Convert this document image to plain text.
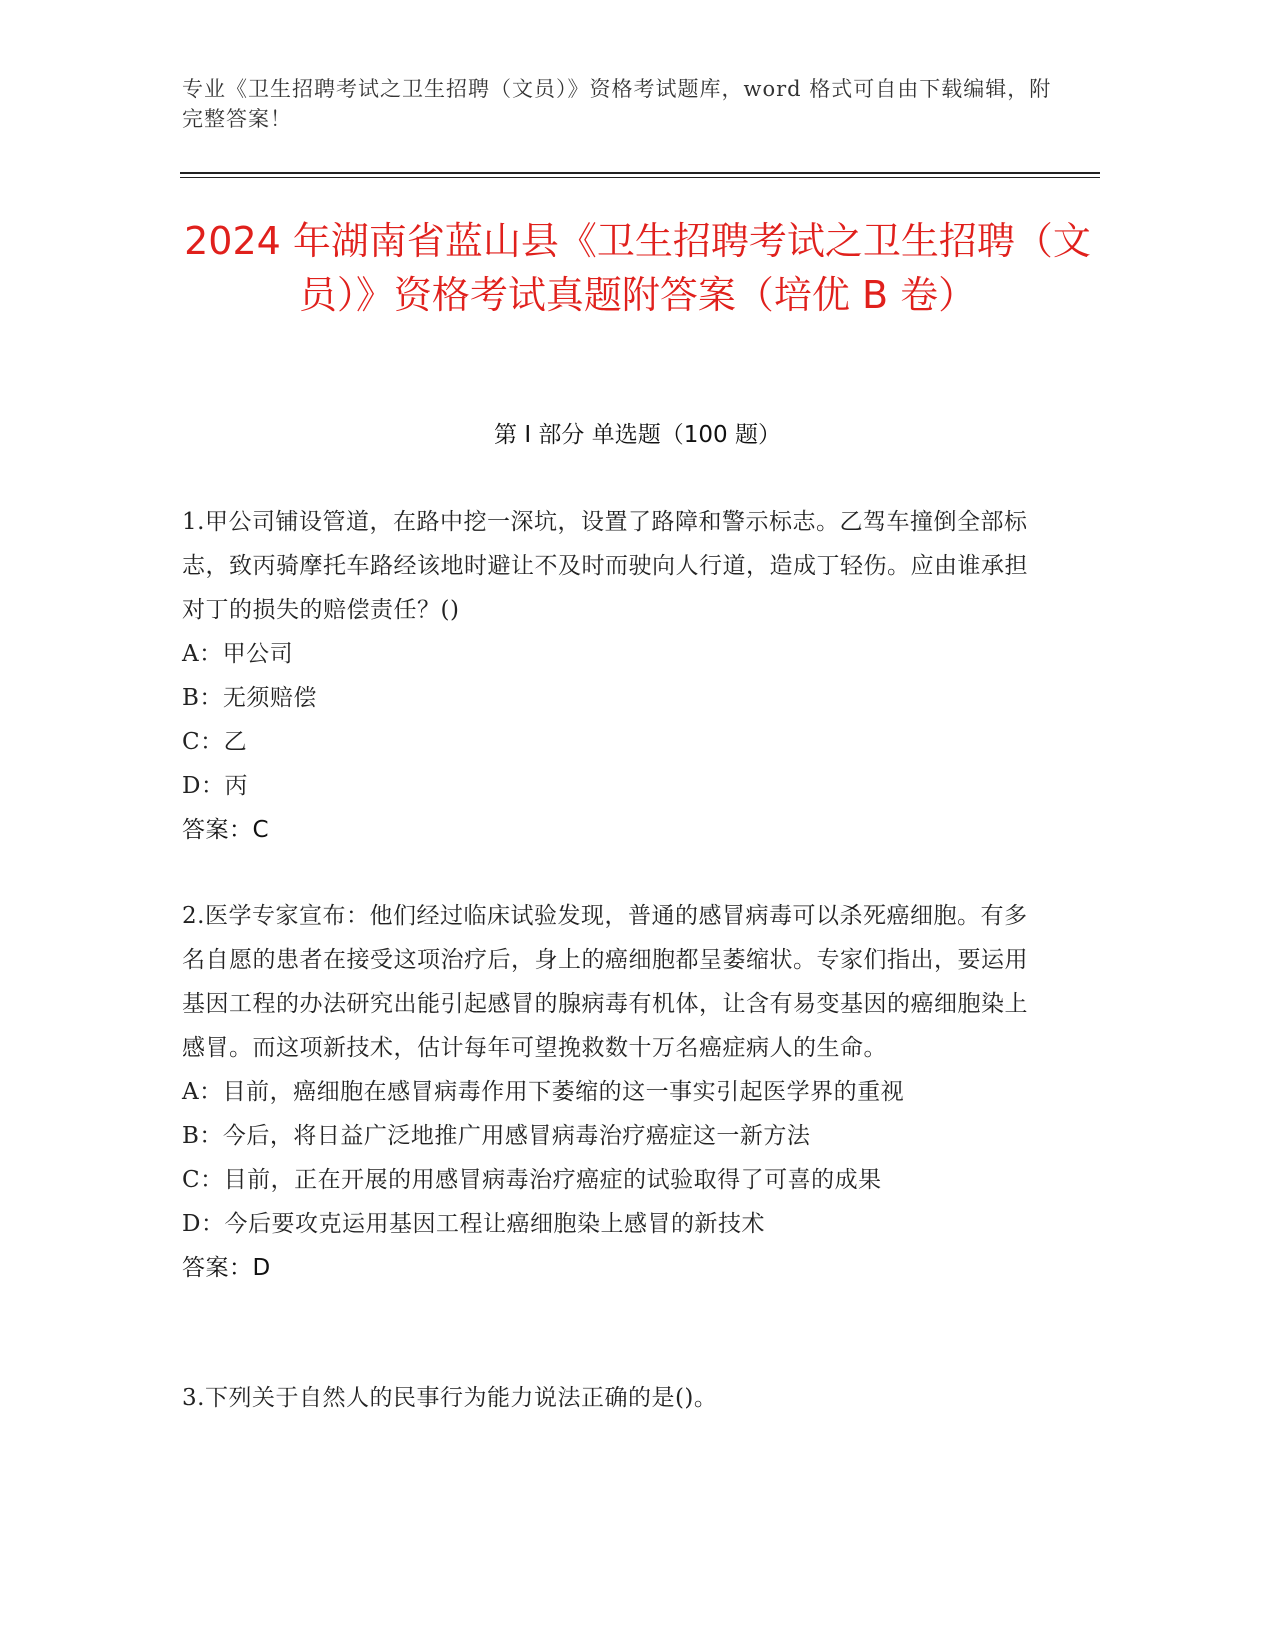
专业《卫生招聘考试之卫生招聘（文员）》资格考试题库，word 格式可自由下载编辑，附完整答案！
2024 年湖南省蓝山县《卫生招聘考试之卫生招聘（文员）》资格考试真题附答案（培优 B 卷）
第 I 部分 单选题（100 题）

1.甲公司铺设管道，在路中挖一深坑，设置了路障和警示标志。乙驾车撞倒全部标志，致丙骑摩托车路经该地时避让不及时而驶向人行道，造成丁轻伤。应由谁承担对丁的损失的赔偿责任？()

A：甲公司

B：无须赔偿

C：乙

D：丙

答案：C

2.医学专家宣布：他们经过临床试验发现，普通的感冒病毒可以杀死癌细胞。有多名自愿的患者在接受这项治疗后，身上的癌细胞都呈萎缩状。专家们指出，要运用基因工程的办法研究出能引起感冒的腺病毒有机体，让含有易变基因的癌细胞染上感冒。而这项新技术，估计每年可望挽救数十万名癌症病人的生命。

A：目前，癌细胞在感冒病毒作用下萎缩的这一事实引起医学界的重视

B：今后，将日益广泛地推广用感冒病毒治疗癌症这一新方法

C：目前，正在开展的用感冒病毒治疗癌症的试验取得了可喜的成果

D：今后要攻克运用基因工程让癌细胞染上感冒的新技术

答案：D

3.下列关于自然人的民事行为能力说法正确的是()。
